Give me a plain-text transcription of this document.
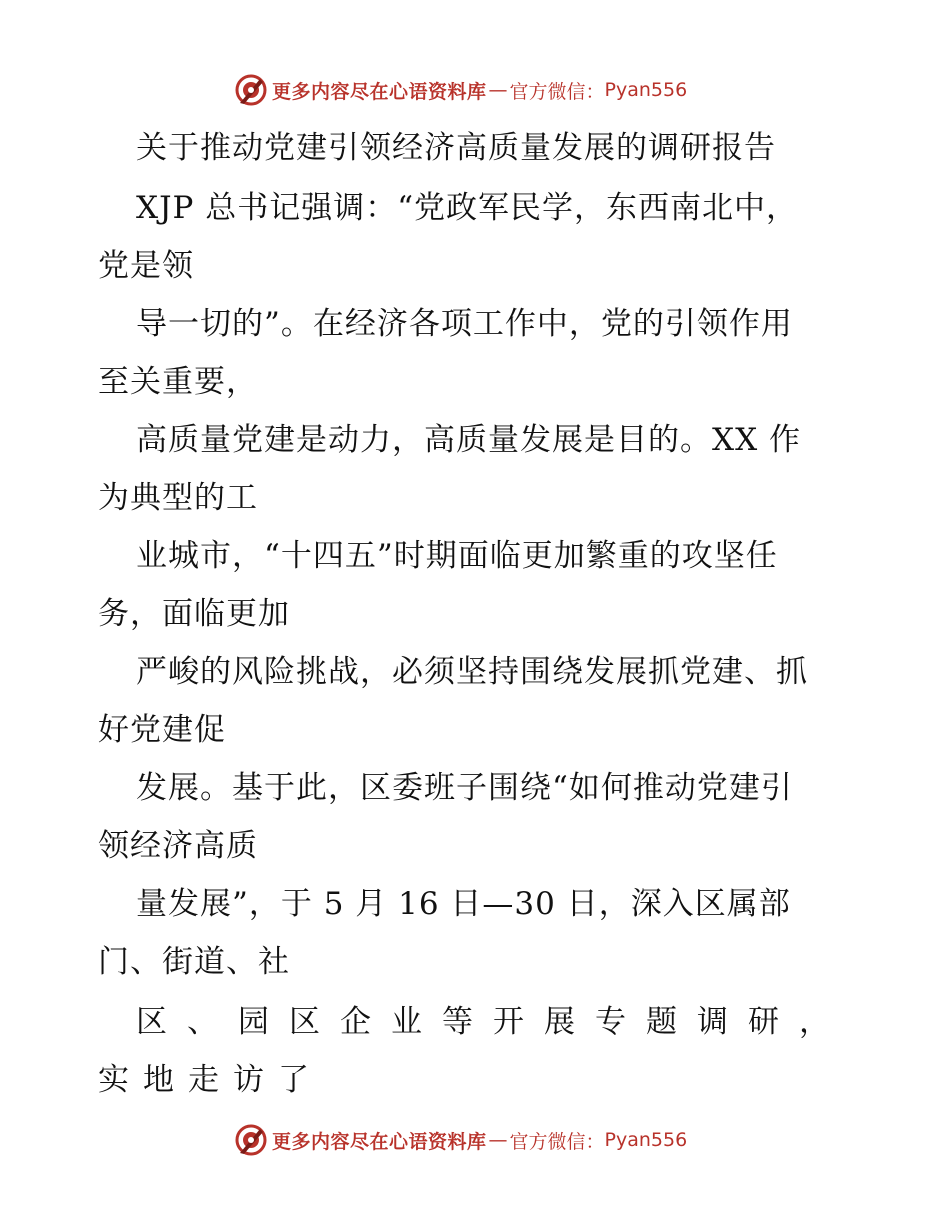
更多内容尽在心语资料库 — 官方微信： Pyan556
关于推动党建引领经济高质量发展的调研报告
XJP 总书记强调：“党政军民学，东西南北中，
党是领
导一切的”。在经济各项工作中，党的引领作用
至关重要，
高质量党建是动力，高质量发展是目的。XX 作
为典型的工
业城市，“十四五”时期面临更加繁重的攻坚任
务，面临更加
严峻的风险挑战，必须坚持围绕发展抓党建、抓
好党建促
发展。基于此，区委班子围绕“如何推动党建引
领经济高质
量发展”，于 5 月 16 日—30 日，深入区属部
门、街道、社
区、园区企业等开展专题调研，
实地走访了
更多内容尽在心语资料库 — 官方微信： Pyan556
